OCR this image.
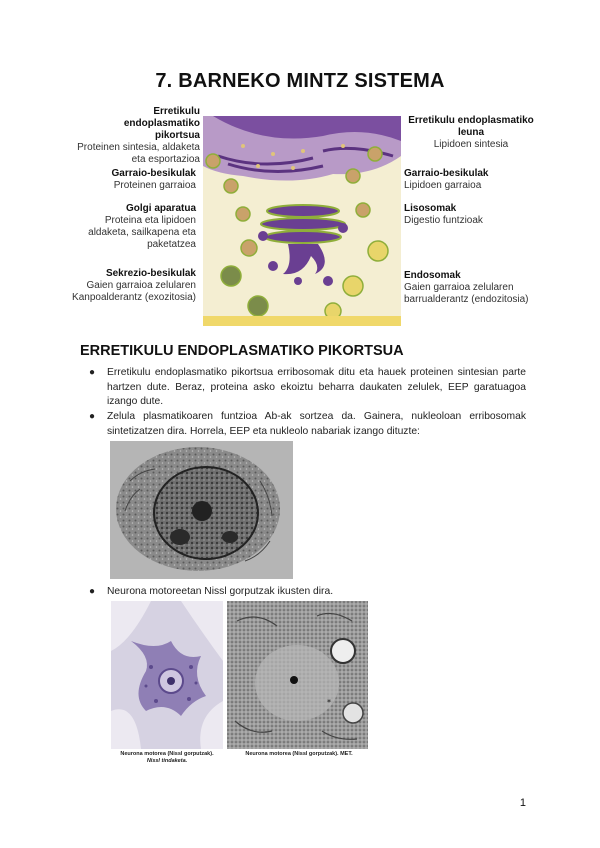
7. BARNEKO MINTZ SISTEMA
Erretikulu endoplasmatiko pikortsua
Proteinen sintesia, aldaketa
eta esportazioa
Garraio-besikulak
Proteinen garraioa
Golgi aparatua
Proteina eta lipidoen
aldaketa, sailkapena eta
paketatzea
Sekrezio-besikulak
Gaien garraioa zelularen
Kanpoalderantz (exozitosia)
Erretikulu endoplasmatiko leuna
Lipidoen sintesia
Garraio-besikulak
Lipidoen garraioa
Lisosomak
Digestio funtzioak
Endosomak
Gaien garraioa zelularen
barrualderantz (endozitosia)
ERRETIKULU ENDOPLASMATIKO PIKORTSUA
● Erretikulu endoplasmatiko pikortsua erribosomak ditu eta hauek proteinen sintesian parte hartzen dute. Beraz, proteina asko ekoiztu beharra daukaten zelulek, EEP garatuagoa izango dute.

● Zelula plasmatikoaren funtzioa Ab-ak sortzea da. Gainera, nukleoloan erribosomak sintetizatzen dira. Horrela, EEP eta nukleolo nabariak izango dituzte:

● Neurona motoreetan Nissl gorputzak ikusten dira.

*
Neurona motorea (Nissl gorputzak).
Nissl tindaketa.
Neurona motorea (Nissl gorputzak). MET.
1
